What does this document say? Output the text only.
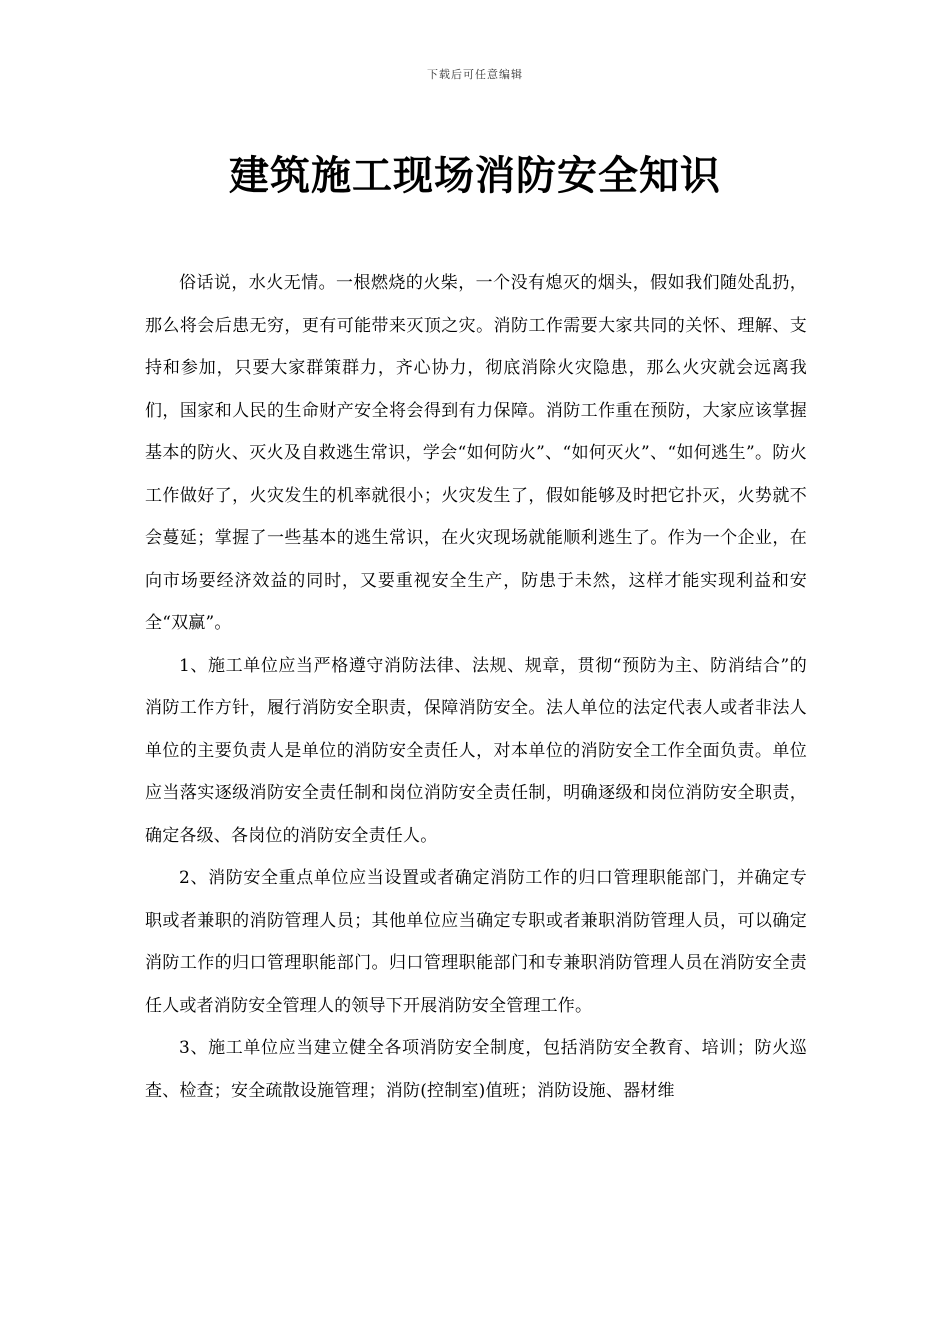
下载后可任意编辑
建筑施工现场消防安全知识

俗话说，水火无情。一根燃烧的火柴，一个没有熄灭的烟头，假如我们随处乱扔，那么将会后患无穷，更有可能带来灭顶之灾。消防工作需要大家共同的关怀、理解、支持和参加，只要大家群策群力，齐心协力，彻底消除火灾隐患，那么火灾就会远离我们，国家和人民的生命财产安全将会得到有力保障。消防工作重在预防，大家应该掌握基本的防火、灭火及自救逃生常识，学会“如何防火”、“如何灭火”、“如何逃生”。防火工作做好了，火灾发生的机率就很小；火灾发生了，假如能够及时把它扑灭，火势就不会蔓延；掌握了一些基本的逃生常识，在火灾现场就能顺利逃生了。作为一个企业，在向市场要经济效益的同时，又要重视安全生产，防患于未然，这样才能实现利益和安全“双赢”。

1、施工单位应当严格遵守消防法律、法规、规章，贯彻“预防为主、防消结合”的消防工作方针，履行消防安全职责，保障消防安全。法人单位的法定代表人或者非法人单位的主要负责人是单位的消防安全责任人，对本单位的消防安全工作全面负责。单位应当落实逐级消防安全责任制和岗位消防安全责任制，明确逐级和岗位消防安全职责，确定各级、各岗位的消防安全责任人。

2、消防安全重点单位应当设置或者确定消防工作的归口管理职能部门，并确定专职或者兼职的消防管理人员；其他单位应当确定专职或者兼职消防管理人员，可以确定消防工作的归口管理职能部门。归口管理职能部门和专兼职消防管理人员在消防安全责任人或者消防安全管理人的领导下开展消防安全管理工作。

3、施工单位应当建立健全各项消防安全制度，包括消防安全教育、培训；防火巡查、检查；安全疏散设施管理；消防(控制室)值班；消防设施、器材维
